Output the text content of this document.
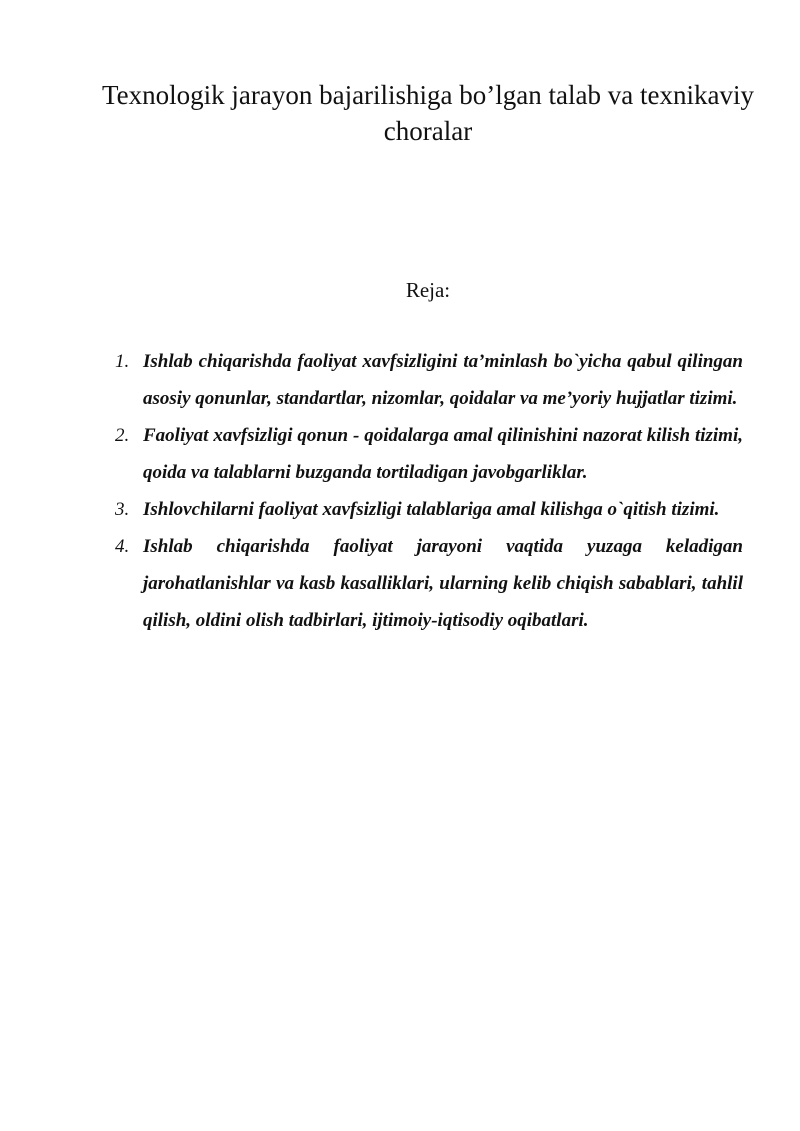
Texnologik jarayon bajarilishiga bo’lgan talab va texnikaviy choralar

Reja:

1. Ishlab chiqarishda faoliyat xavfsizligini ta’minlash bo`yicha qabul qilingan asosiy qonunlar, standartlar, nizomlar, qoidalar va me’yoriy hujjatlar tizimi.
2. Faoliyat xavfsizligi qonun - qoidalarga amal qilinishini nazorat kilish tizimi, qoida va talablarni buzganda tortiladigan javobgarliklar.
3. Ishlovchilarni faoliyat xavfsizligi talablariga amal kilishga o`qitish tizimi.
4. Ishlab chiqarishda faoliyat jarayoni vaqtida yuzaga keladigan jarohatlanishlar va kasb kasalliklari, ularning kelib chiqish sabablari, tahlil qilish, oldini olish tadbirlari, ijtimoiy-iqtisodiy oqibatlari.
